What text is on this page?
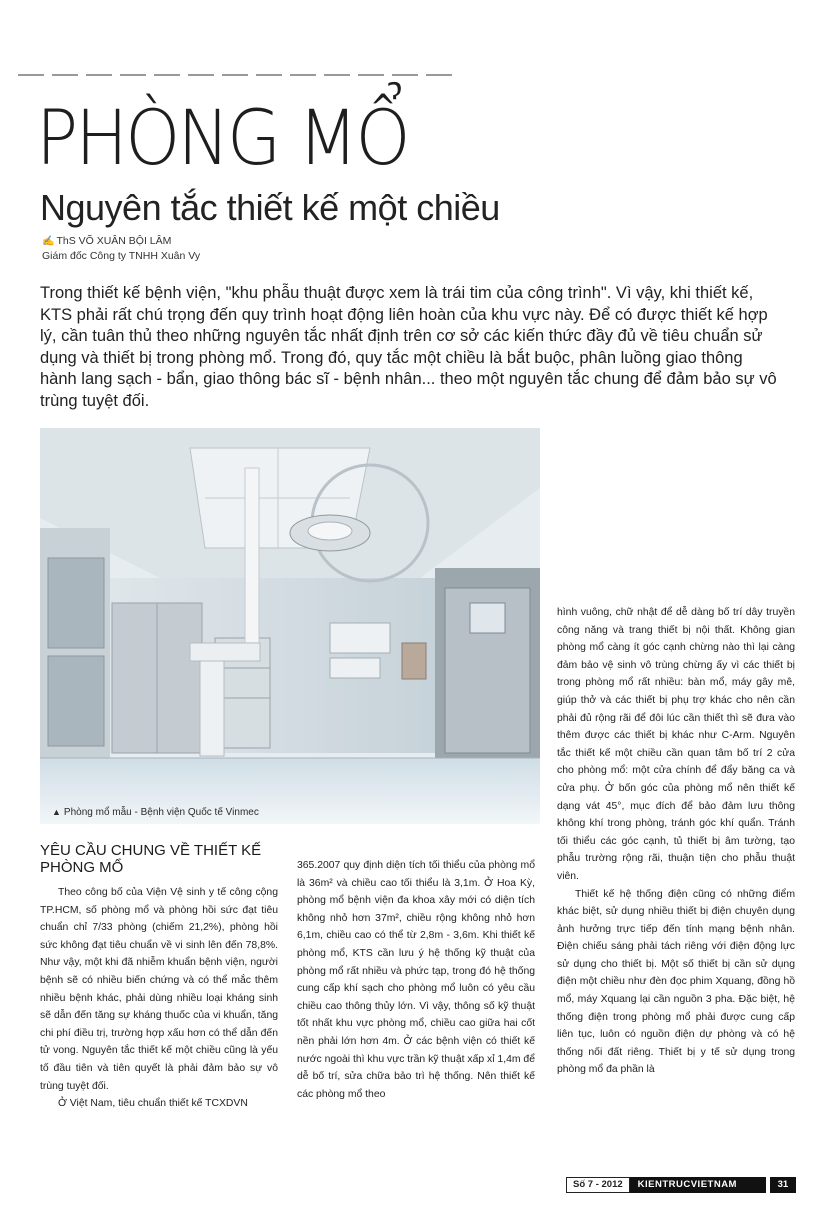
PHÒNG MỔ
Nguyên tắc thiết kế một chiều
✍ ThS VÕ XUÂN BỘI LÂM
Giám đốc Công ty TNHH Xuân Vy

Trong thiết kế bệnh viện, "khu phẫu thuật được xem là trái tim của công trình". Vì vậy, khi thiết kế, KTS phải rất chú trọng đến quy trình hoạt động liên hoàn của khu vực này. Để có được thiết kế hợp lý, cần tuân thủ theo những nguyên tắc nhất định trên cơ sở các kiến thức đầy đủ về tiêu chuẩn sử dụng và thiết bị trong phòng mổ. Trong đó, quy tắc một chiều là bắt buộc, phân luồng giao thông hành lang sạch - bẩn, giao thông bác sĩ - bệnh nhân... theo một nguyên tắc chung để đảm bảo sự vô trùng tuyệt đối.

▲ Phòng mổ mẫu - Bệnh viện Quốc tế Vinmec
YÊU CẦU CHUNG VỀ THIẾT KẾ PHÒNG MỔ

Theo công bố của Viện Vệ sinh y tế công cộng TP.HCM, số phòng mổ và phòng hồi sức đạt tiêu chuẩn chỉ 7/33 phòng (chiếm 21,2%), phòng hồi sức không đạt tiêu chuẩn về vi sinh lên đến 78,8%. Như vậy, một khi đã nhiễm khuẩn bệnh viện, người bệnh sẽ có nhiều biến chứng và có thể mắc thêm nhiều bệnh khác, phải dùng nhiều loại kháng sinh sẽ dẫn đến tăng sự kháng thuốc của vi khuẩn, tăng chi phí điều trị, trường hợp xấu hơn có thể dẫn đến tử vong. Nguyên tắc thiết kế một chiều cũng là yếu tố đầu tiên và tiên quyết là phải đảm bảo sự vô trùng tuyệt đối.

Ở Việt Nam, tiêu chuẩn thiết kế TCXDVN

365.2007 quy định diện tích tối thiểu của phòng mổ là 36m² và chiều cao tối thiểu là 3,1m. Ở Hoa Kỳ, phòng mổ bệnh viện đa khoa xây mới có diện tích không nhỏ hơn 37m², chiều rộng không nhỏ hơn 6,1m, chiều cao có thể từ 2,8m - 3,6m. Khi thiết kế phòng mổ, KTS cần lưu ý hệ thống kỹ thuật của phòng mổ rất nhiều và phức tạp, trong đó hệ thống cung cấp khí sạch cho phòng mổ luôn có yêu cầu chiều cao thông thủy lớn. Vì vậy, thông số kỹ thuật tốt nhất khu vực phòng mổ, chiều cao giữa hai cốt nền phải lớn hơn 4m. Ở các bệnh viện có thiết kế nước ngoài thì khu vực trần kỹ thuật xấp xỉ 1,4m để dễ bố trí, sửa chữa bảo trì hệ thống. Nên thiết kế các phòng mổ theo

hình vuông, chữ nhật để dễ dàng bố trí dây truyền công năng và trang thiết bị nội thất. Không gian phòng mổ càng ít góc cạnh chừng nào thì lại càng đảm bảo vệ sinh vô trùng chừng ấy vì các thiết bị trong phòng mổ rất nhiều: bàn mổ, máy gây mê, giúp thở và các thiết bị phụ trợ khác cho nên cần phải đủ rộng rãi để đôi lúc cần thiết thì sẽ đưa vào thêm được các thiết bị khác như C-Arm. Nguyên tắc thiết kế một chiều cần quan tâm bố trí 2 cửa cho phòng mổ: một cửa chính để đẩy băng ca và cửa phụ. Ở bốn góc của phòng mổ nên thiết kế dạng vát 45°, mục đích để bảo đảm lưu thông không khí trong phòng, tránh góc khí quẩn. Tránh tối thiểu các góc cạnh, tủ thiết bị âm tường, tạo phẫu trường rộng rãi, thuận tiện cho phẫu thuật viên.

Thiết kế hệ thống điện cũng có những điểm khác biệt, sử dụng nhiều thiết bị điện chuyên dụng ảnh hưởng trực tiếp đến tính mạng bệnh nhân. Điện chiếu sáng phải tách riêng với điện động lực sử dụng cho thiết bị. Một số thiết bị cần sử dụng điện một chiều như đèn đọc phim Xquang, đồng hồ mổ, máy Xquang lại cần nguồn 3 pha. Đặc biệt, hệ thống điện trong phòng mổ phải được cung cấp liên tục, luôn có nguồn điện dự phòng và có hệ thống nối đất riêng. Thiết bị y tế sử dụng trong phòng mổ đa phần là

Số 7 - 2012	KIENTRUCVIETNAM	31
